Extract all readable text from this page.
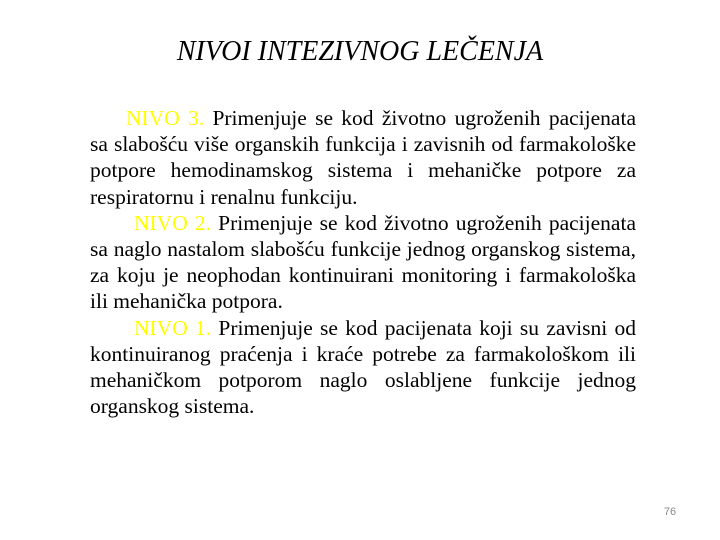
NIVOI INTEZIVNOG LEČENJA

NIVO 3. Primenjuje se kod životno ugroženih pacijenata sa slabošću više organskih funkcija i zavisnih od farmakološke potpore hemodinamskog sistema i mehaničke potpore za respiratornu i renalnu funkciju.

NIVO 2. Primenjuje se kod životno ugroženih pacijenata sa naglo nastalom slabošću funkcije jednog organskog sistema, za koju je neophodan kontinuirani monitoring i farmakološka ili mehanička potpora.

NIVO 1. Primenjuje se kod pacijenata koji su zavisni od kontinuiranog praćenja i kraće potrebe za farmakološkom ili mehaničkom potporom naglo oslabljene funkcije jednog organskog sistema.

76
